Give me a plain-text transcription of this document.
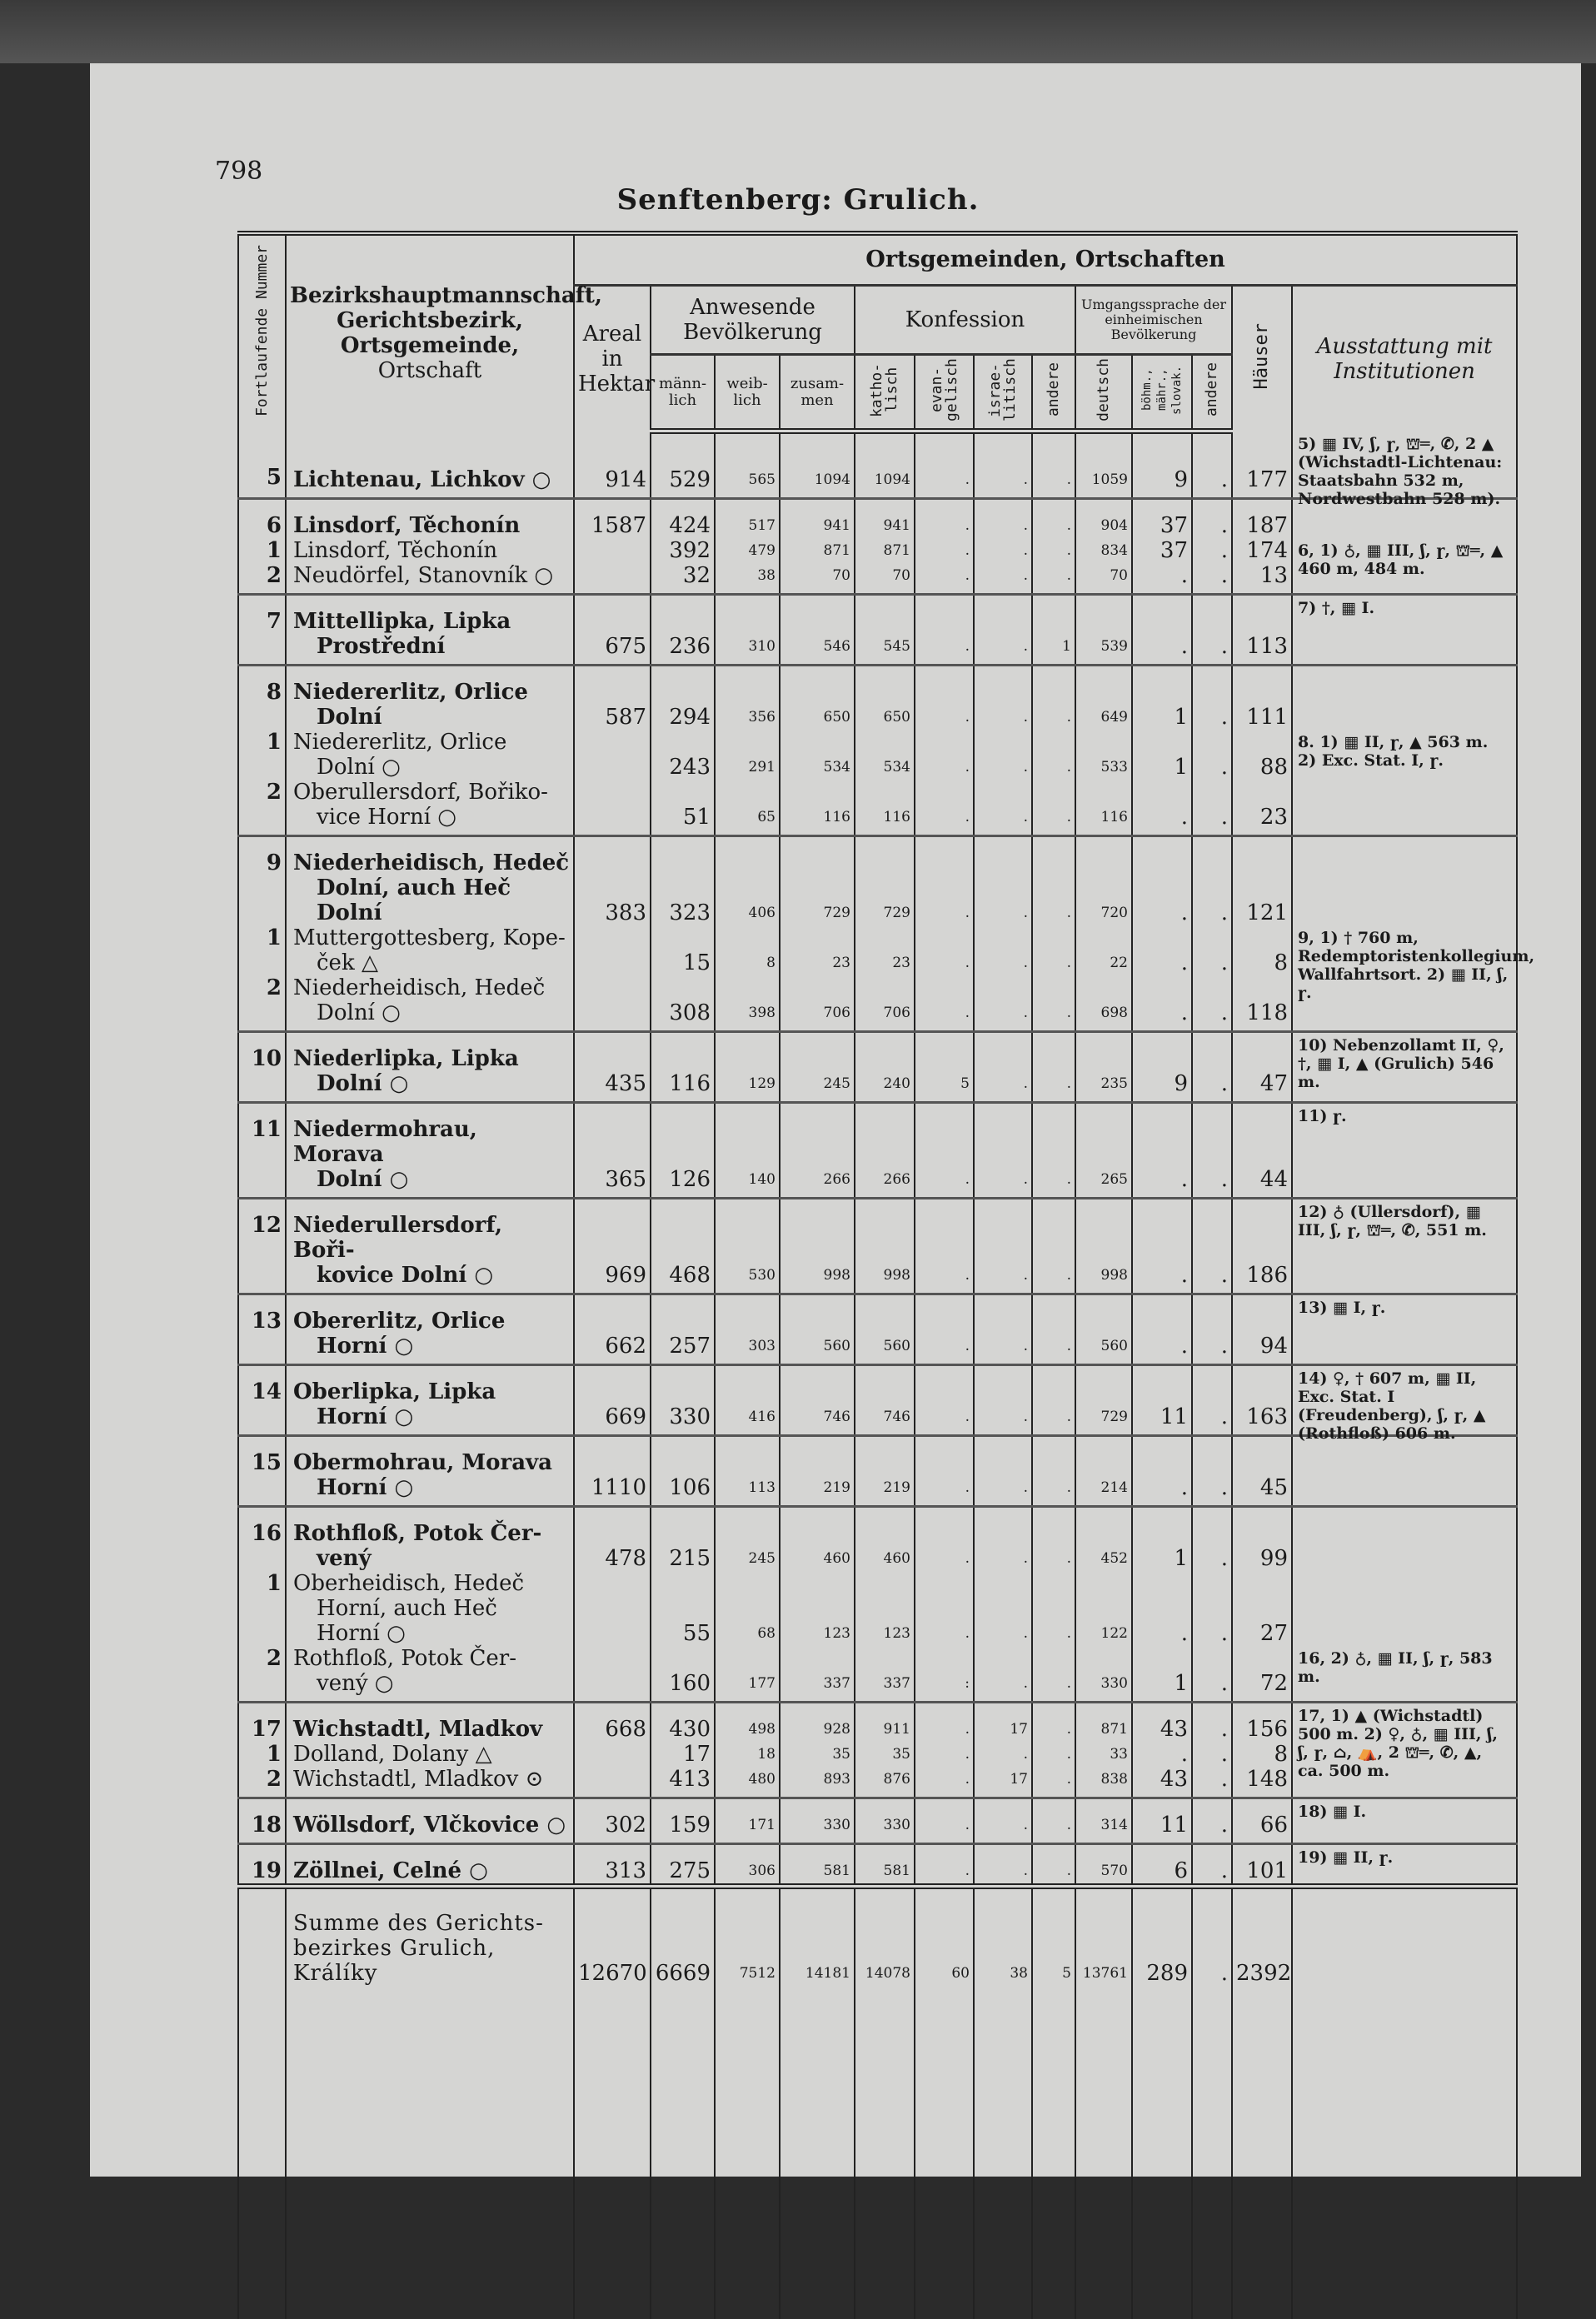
798
Senftenberg: Grulich.
Fortlaufende Nummer	Bezirkshauptmannschaft,
Gerichtsbezirk,
Ortsgemeinde,
Ortschaft	Ortsgemeinden, Ortschaften												
		Areal in Hektar	Anwesende Bevölkerung			Konfession				Umgangssprache der einheimischen Bevölkerung			Häuser	Ausstattung mit Institutionen
			männ-lich	weib-lich	zusam-men	katho-lisch	evan-gelisch	israe-litisch	andere	deutsch	böhm., mähr., slovak.	andere		
5	Lichtenau, Lichkov ○	914	529	565	1094	1094	.	.	.	1059	9	.	177	5) ▦ IV, ʃ, ɼ, ⛫═, ✆, 2 ▲ (Wichstadtl-Lichtenau: Staatsbahn 532 m, Nordwestbahn 528 m).

6	Linsdorf, Těchonín	1587	424	517	941	941	.	.	.	904	37	.	187	
1	Linsdorf, Těchonín		392	479	871	871	.	.	.	834	37	.	174	6, 1) ♁, ▦ III, ʃ, ɼ, ⛫═, ▲ 460 m, 484 m.

2	Neudörfel, Stanovník ○		32	38	70	70	.	.	.	70	.	.	13	
7	Mittellipka, Lipka
Prostřední	675	236	310	546	545	.	.	1	539	.	.	113	7) †, ▦ I.

8	Niedererlitz, Orlice
Dolní	587	294	356	650	650	.	.	.	649	1	.	111	
1	Niedererlitz, Orlice
Dolní ○		243	291	534	534	.	.	.	533	1	.	88	8. 1) ▦ II, ɼ, ▲ 563 m. 2) Exc. Stat. I, ɼ.

2	Oberullersdorf, Bořiko-
vice Horní ○		51	65	116	116	.	.	.	116	.	.	23	
9	Niederheidisch, Hedeč
Dolní, auch Heč Dolní	383	323	406	729	729	.	.	.	720	.	.	121	
1	Muttergottesberg, Kope-
ček △		15	8	23	23	.	.	.	22	.	.	8	9, 1) † 760 m, Redemptoristenkollegium, Wallfahrtsort. 2) ▦ II, ʃ, ɼ.

2	Niederheidisch, Hedeč
Dolní ○		308	398	706	706	.	.	.	698	.	.	118	
10	Niederlipka, Lipka
Dolní ○	435	116	129	245	240	5	.	.	235	9	.	47	10) Nebenzollamt II, ♀, †, ▦ I, ▲ (Grulich) 546 m.

11	Niedermohrau, Morava
Dolní ○	365	126	140	266	266	.	.	.	265	.	.	44	11) ɼ.

12	Niederullersdorf, Boři-
kovice Dolní ○	969	468	530	998	998	.	.	.	998	.	.	186	12) ♁ (Ullersdorf), ▦ III, ʃ, ɼ, ⛫═, ✆, 551 m.

13	Obererlitz, Orlice
Horní ○	662	257	303	560	560	.	.	.	560	.	.	94	13) ▦ I, ɼ.

14	Oberlipka, Lipka
Horní ○	669	330	416	746	746	.	.	.	729	11	.	163	14) ♀, † 607 m, ▦ II, Exc. Stat. I (Freudenberg), ʃ, ɼ, ▲ (Rothfloß) 606 m.

15	Obermohrau, Morava
Horní ○	1110	106	113	219	219	.	.	.	214	.	.	45	
16	Rothfloß, Potok Čer-
vený	478	215	245	460	460	.	.	.	452	1	.	99	
1	Oberheidisch, Hedeč
Horní, auch Heč
Horní ○		55	68	123	123	.	.	.	122	.	.	27	
2	Rothfloß, Potok Čer-
vený ○		160	177	337	337	:	.	.	330	1	.	72	16, 2) ♁, ▦ II, ʃ, ɼ, 583 m.

17	Wichstadtl, Mladkov	668	430	498	928	911	.	17	.	871	43	.	156	17, 1) ▲ (Wichstadtl) 500 m. 2) ♀, ♁, ▦ III, ʃ, ʃ, ɼ, ⌂, ⛺, 2 ⛫═, ✆, ▲, ca. 500 m.

1	Dolland, Dolany △		17	18	35	35	.	.	.	33	.	.	8	
2	Wichstadtl, Mladkov ⊙		413	480	893	876	.	17	.	838	43	.	148	
18	Wöllsdorf, Vlčkovice ○	302	159	171	330	330	.	.	.	314	11	.	66	18) ▦ I.

19	Zöllnei, Celné ○	313	275	306	581	581	.	.	.	570	6	.	101	19) ▦ II, ɼ.

	Summe des Gerichts-
bezirkes Grulich, Králíky	12670	6669	7512	14181	14078	60	38	5	13761	289	.	2392	
